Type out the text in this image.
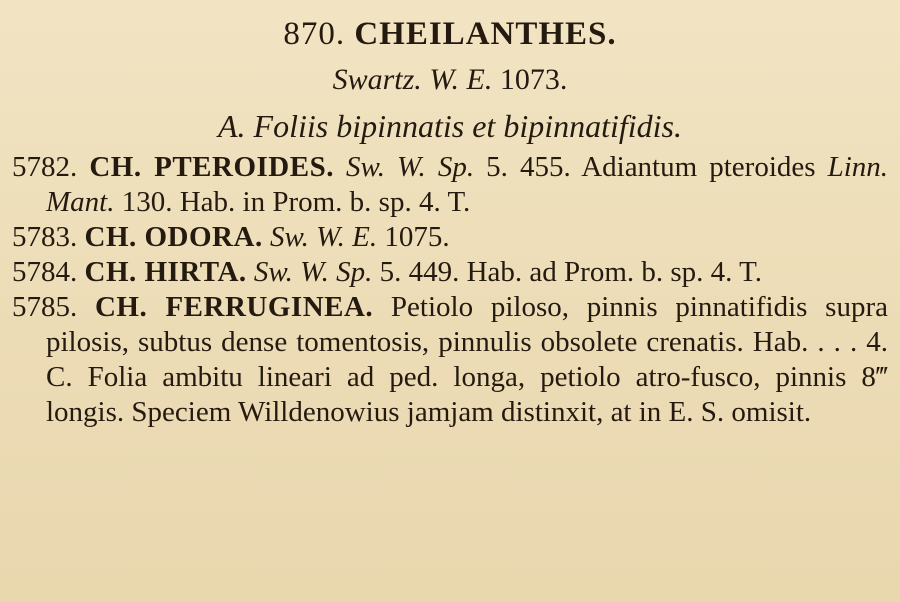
870. CHEILANTHES.

Swartz. W. E. 1073.

A. Foliis bipinnatis et bipinnatifidis.

5782. CH. PTEROIDES. Sw. W. Sp. 5. 455. Adiantum pteroides Linn. Mant. 130. Hab. in Prom. b. sp. 4. T.

5783. CH. ODORA. Sw. W. E. 1075.

5784. CH. HIRTA. Sw. W. Sp. 5. 449. Hab. ad Prom. b. sp. 4. T.

5785. CH. FERRUGINEA. Petiolo piloso, pinnis pinnatifidis supra pilosis, subtus dense tomentosis, pinnulis obsolete crenatis. Hab. . . . 4. C. Folia ambitu lineari ad ped. longa, petiolo atro-fusco, pinnis 8‴ longis. Speciem Willdenowius jamjam distinxit, at in E. S. omisit.
